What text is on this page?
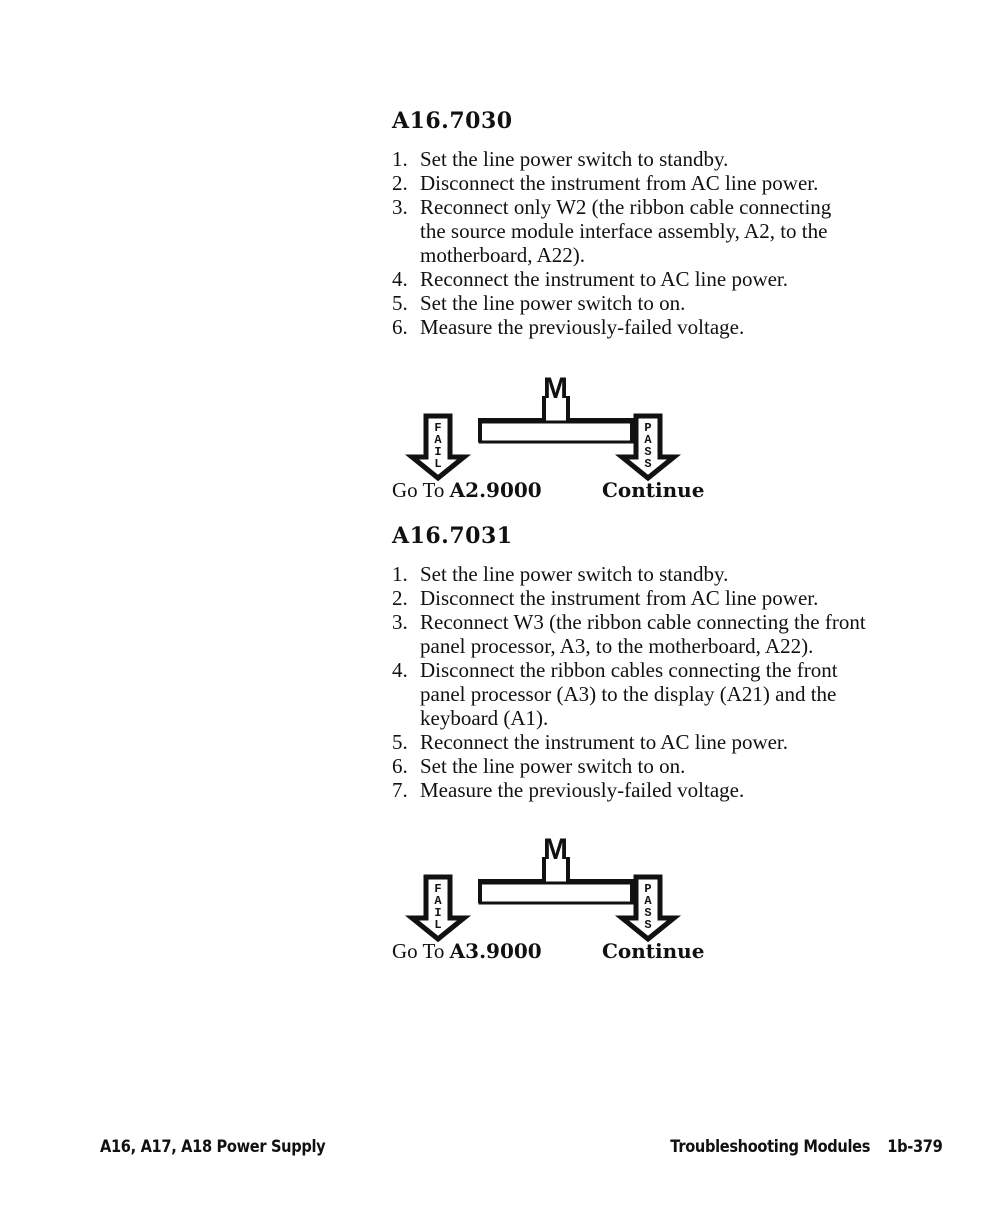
A16.7030
1. Set the line power switch to standby.
2. Disconnect the instrument from AC line power.
3. Reconnect only W2 (the ribbon cable connecting
the source module interface assembly, A2, to the
motherboard, A22).
4. Reconnect the instrument to AC line power.
5. Set the line power switch to on.
6. Measure the previously-failed voltage.
M
F
A
I
L
P
A
S
S
Go To A2.9000	Continue
A16.7031
1. Set the line power switch to standby.
2. Disconnect the instrument from AC line power.
3. Reconnect W3 (the ribbon cable connecting the front
panel processor, A3, to the motherboard, A22).
4. Disconnect the ribbon cables connecting the front
panel processor (A3) to the display (A21) and the
keyboard (A1).
5. Reconnect the instrument to AC line power.
6. Set the line power switch to on.
7. Measure the previously-failed voltage.
M
F
A
I
L
P
A
S
S
Go To A3.9000	Continue
A16, A17, A18 Power Supply	Troubleshooting Modules 1b-379
